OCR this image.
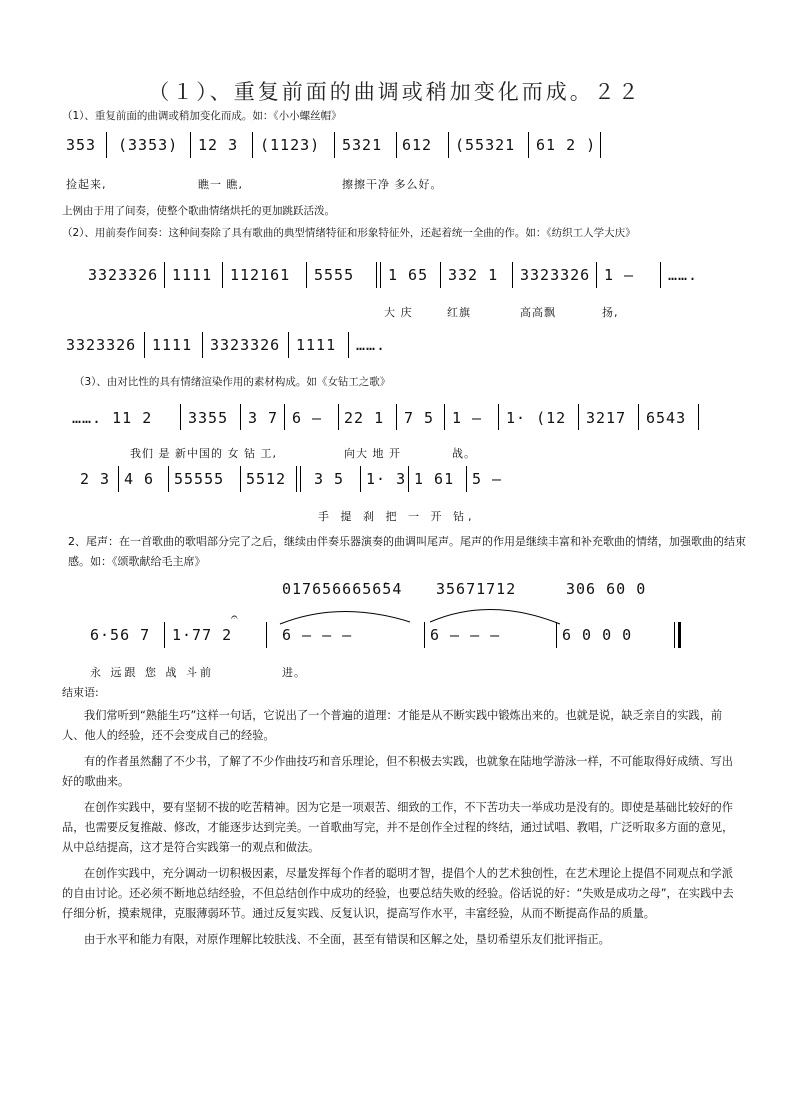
（１）、重复前面的曲调或稍加变化而成。２２
（1）、重复前面的曲调或稍加变化而成。如：《小小螺丝帽》
353 (3353) 12 3 (1123) 5321 612 (55321 61 2 )
捡起来,	瞧一 瞧,	擦擦干净 多么好。
上例由于用了间奏，使整个歌曲情绪烘托的更加跳跃活泼。
（2）、用前奏作间奏：这种间奏除了具有歌曲的典型情绪特征和形象特征外，还起着统一全曲的作。如：《纺织工人学大庆》
3323326 1111 112161 5555 1 65 332 1 3323326 1 – …….
大 庆	红旗	高高飘	扬,
3323326 1111 3323326 1111 …….
（3）、由对比性的具有情绪渲染作用的素材构成。如《女钻工之歌》
……. 11 2 3355 3 7 6 – 22 1 7 5 1 – 1· (12 3217 6543
我们 是 新中国的 女 钻 工,	向大 地 开	战。
2 3 4 6 55555 5512 3 5 1· 3 1 61 5 –
手 提 刹 把 一 开 钻,
2、尾声：在一首歌曲的歌唱部分完了之后，继续由伴奏乐器演奏的曲调叫尾声。尾声的作用是继续丰富和补充歌曲的情绪，加强歌曲的结束感。如：《颂歌献给毛主席》
0176566656̇54 35671712	306 60 0
6·56 7 1·77 2
𝄐
6 – – –	6 – – –	6 0 0 0
永 远跟 您 战 斗前	进。
结束语:

我们常听到“熟能生巧”这样一句话，它说出了一个普遍的道理：才能是从不断实践中锻炼出来的。也就是说，缺乏亲自的实践，前人、他人的经验，还不会变成自己的经验。

有的作者虽然翻了不少书，了解了不少作曲技巧和音乐理论，但不积极去实践，也就象在陆地学游泳一样，不可能取得好成绩、写出好的歌曲来。

在创作实践中，要有坚韧不拔的吃苦精神。因为它是一项艰苦、细致的工作，不下苦功夫一举成功是没有的。即使是基础比较好的作品，也需要反复推敲、修改，才能逐步达到完美。一首歌曲写完，并不是创作全过程的终结，通过试唱、教唱，广泛听取多方面的意见，从中总结提高，这才是符合实践第一的观点和做法。

在创作实践中，充分调动一切积极因素，尽量发挥每个作者的聪明才智，提倡个人的艺术独创性，在艺术理论上提倡不同观点和学派的自由讨论。还必须不断地总结经验，不但总结创作中成功的经验，也要总结失败的经验。俗话说的好：“失败是成功之母”，在实践中去仔细分析，摸索规律，克服薄弱环节。通过反复实践、反复认识，提高写作水平，丰富经验，从而不断提高作品的质量。

由于水平和能力有限，对原作理解比较肤浅、不全面，甚至有错误和区解之处，垦切希望乐友们批评指正。
